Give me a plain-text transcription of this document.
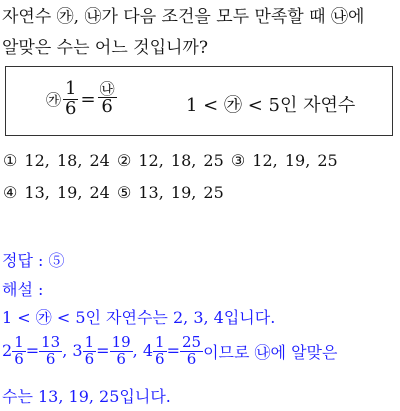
자연수 ㉮, ㉯가 다음 조건을 모두 만족할 때 ㉯에
알맞은 수는 어느 것입니까?
㉮ $\frac{1}{6} = \frac{㉯}{6}$	1 < ㉮ < 5인 자연수
① 12, 18, 24 ② 12, 18, 25 ③ 12, 19, 25
④ 13, 19, 24 ⑤ 13, 19, 25
정답 : ⑤
해설 :
1 < ㉮ < 5인 자연수는 2, 3, 4입니다.
$2 \frac{1}{6} = \frac{13}{6}$ , $3 \frac{1}{6} = \frac{19}{6}$ , $4 \frac{1}{6} = \frac{25}{6}$ 이므로 ㉯에 알맞은
수는 13, 19, 25입니다.
